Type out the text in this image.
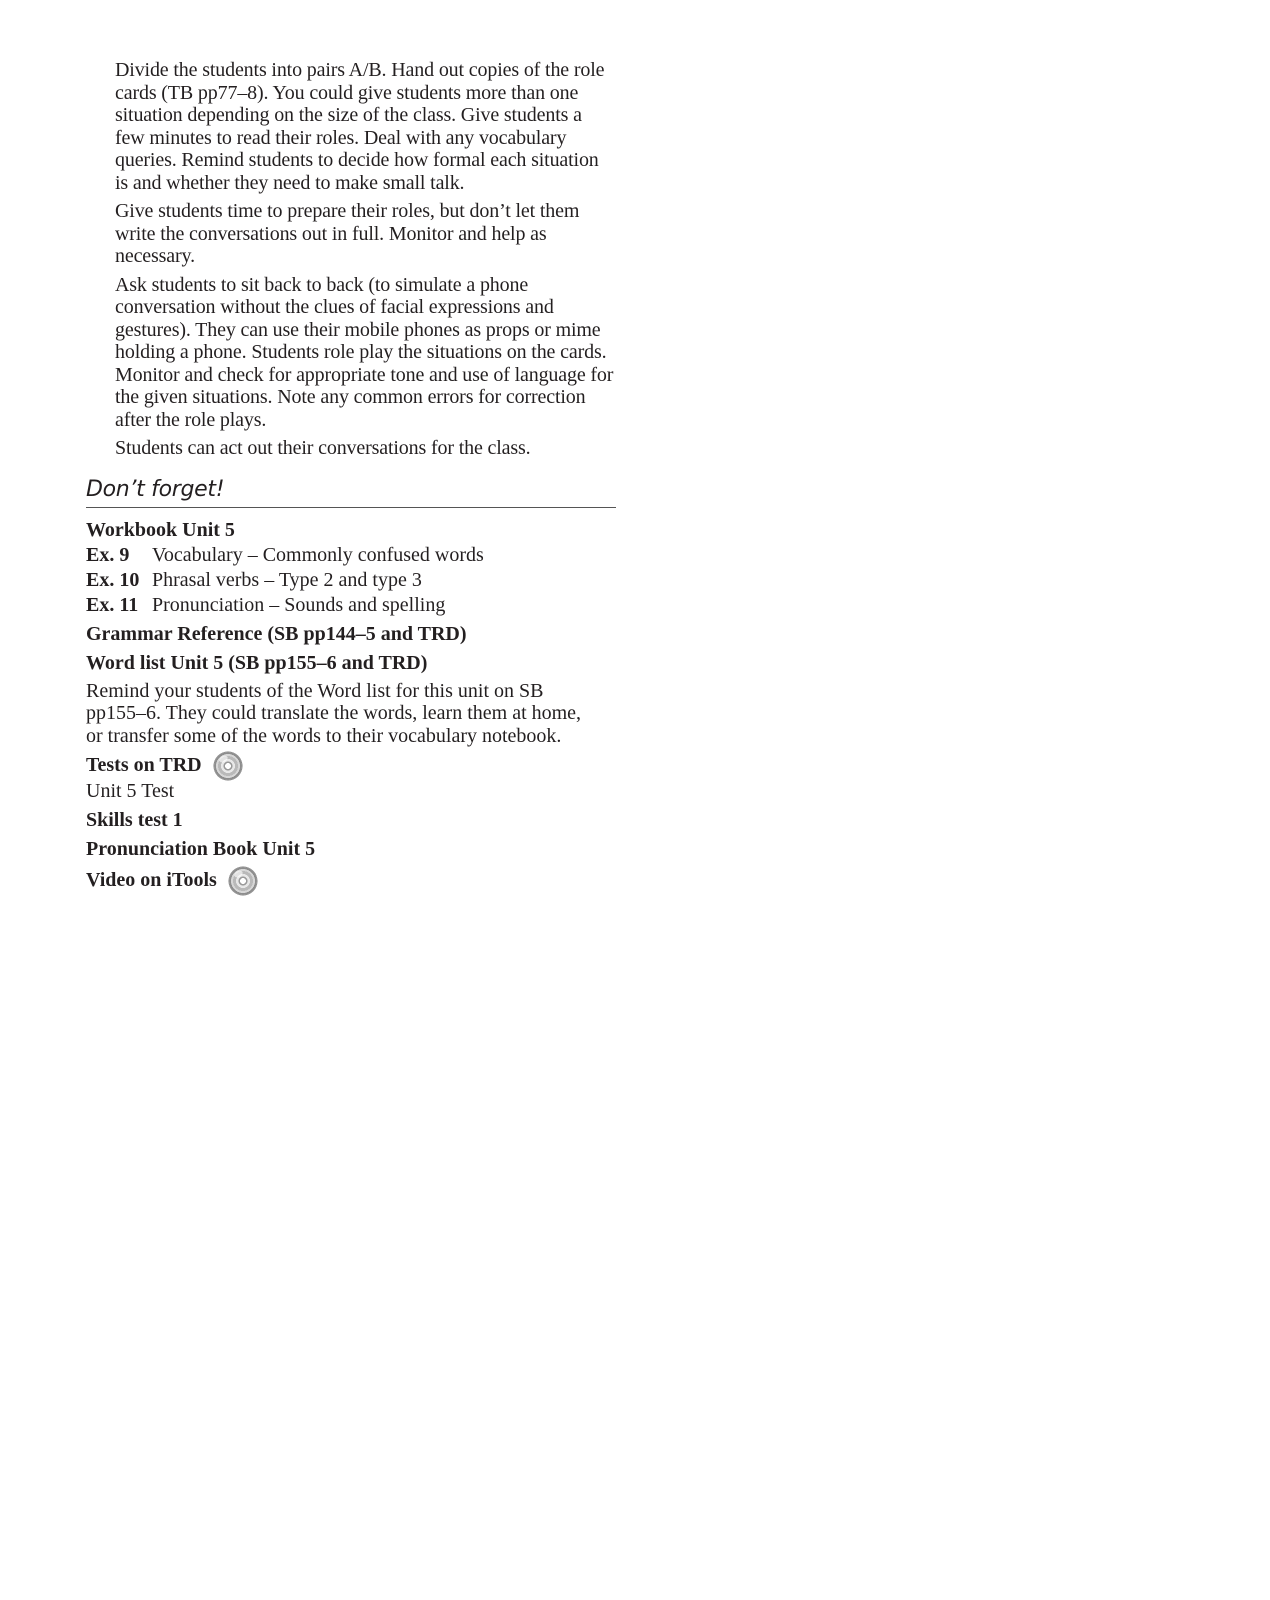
Divide the students into pairs A/B. Hand out copies of the role cards (TB pp77–8). You could give students more than one situation depending on the size of the class. Give students a few minutes to read their roles. Deal with any vocabulary queries. Remind students to decide how formal each situation is and whether they need to make small talk.

Give students time to prepare their roles, but don’t let them write the conversations out in full. Monitor and help as necessary.

Ask students to sit back to back (to simulate a phone conversation without the clues of facial expressions and gestures). They can use their mobile phones as props or mime holding a phone. Students role play the situations on the cards. Monitor and check for appropriate tone and use of language for the given situations. Note any common errors for correction after the role plays.

Students can act out their conversations for the class.

Don’t forget!

Workbook Unit 5

Ex. 9	Vocabulary – Commonly confused words
Ex. 10 Phrasal verbs – Type 2 and type 3
Ex. 11 Pronunciation – Sounds and spelling

Grammar Reference (SB pp144–5 and TRD)

Word list Unit 5 (SB pp155–6 and TRD)

Remind your students of the Word list for this unit on SB pp155–6. They could translate the words, learn them at home, or transfer some of the words to their vocabulary notebook.

Tests on TRD

Unit 5 Test

Skills test 1

Pronunciation Book Unit 5

Video on iTools
